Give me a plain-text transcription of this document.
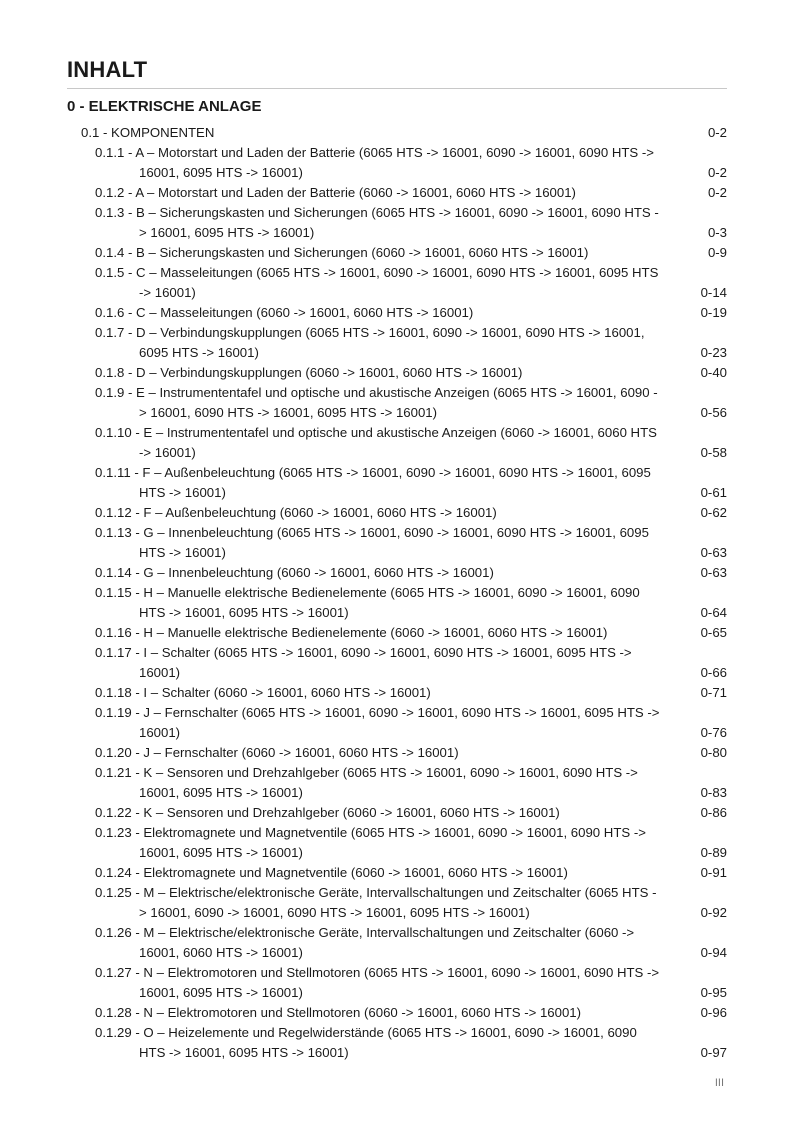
INHALT
0 - ELEKTRISCHE ANLAGE
0.1 - KOMPONENTEN	0-2
0.1.1 - A – Motorstart und Laden der Batterie (6065 HTS -> 16001, 6090 -> 16001, 6090 HTS -> 16001, 6095 HTS -> 16001)	0-2
0.1.2 - A – Motorstart und Laden der Batterie (6060 -> 16001, 6060 HTS -> 16001)	0-2
0.1.3 - B – Sicherungskasten und Sicherungen (6065 HTS -> 16001, 6090 -> 16001, 6090 HTS -> 16001, 6095 HTS -> 16001)	0-3
0.1.4 - B – Sicherungskasten und Sicherungen (6060 -> 16001, 6060 HTS -> 16001)	0-9
0.1.5 - C – Masseleitungen (6065 HTS -> 16001, 6090 -> 16001, 6090 HTS -> 16001, 6095 HTS -> 16001)	0-14
0.1.6 - C – Masseleitungen (6060 -> 16001, 6060 HTS -> 16001)	0-19
0.1.7 - D – Verbindungskupplungen (6065 HTS -> 16001, 6090 -> 16001, 6090 HTS -> 16001, 6095 HTS -> 16001)	0-23
0.1.8 - D – Verbindungskupplungen (6060 -> 16001, 6060 HTS -> 16001)	0-40
0.1.9 - E – Instrumententafel und optische und akustische Anzeigen (6065 HTS -> 16001, 6090 -> 16001, 6090 HTS -> 16001, 6095 HTS -> 16001)	0-56
0.1.10 - E – Instrumententafel und optische und akustische Anzeigen (6060 -> 16001, 6060 HTS -> 16001)	0-58
0.1.11 - F – Außenbeleuchtung (6065 HTS -> 16001, 6090 -> 16001, 6090 HTS -> 16001, 6095 HTS -> 16001)	0-61
0.1.12 - F – Außenbeleuchtung (6060 -> 16001, 6060 HTS -> 16001)	0-62
0.1.13 - G – Innenbeleuchtung (6065 HTS -> 16001, 6090 -> 16001, 6090 HTS -> 16001, 6095 HTS -> 16001)	0-63
0.1.14 - G – Innenbeleuchtung (6060 -> 16001, 6060 HTS -> 16001)	0-63
0.1.15 - H – Manuelle elektrische Bedienelemente (6065 HTS -> 16001, 6090 -> 16001, 6090 HTS -> 16001, 6095 HTS -> 16001)	0-64
0.1.16 - H – Manuelle elektrische Bedienelemente (6060 -> 16001, 6060 HTS -> 16001)	0-65
0.1.17 - I – Schalter (6065 HTS -> 16001, 6090 -> 16001, 6090 HTS -> 16001, 6095 HTS -> 16001)	0-66
0.1.18 - I – Schalter (6060 -> 16001, 6060 HTS -> 16001)	0-71
0.1.19 - J – Fernschalter (6065 HTS -> 16001, 6090 -> 16001, 6090 HTS -> 16001, 6095 HTS -> 16001)	0-76
0.1.20 - J – Fernschalter (6060 -> 16001, 6060 HTS -> 16001)	0-80
0.1.21 - K – Sensoren und Drehzahlgeber (6065 HTS -> 16001, 6090 -> 16001, 6090 HTS -> 16001, 6095 HTS -> 16001)	0-83
0.1.22 - K – Sensoren und Drehzahlgeber (6060 -> 16001, 6060 HTS -> 16001)	0-86
0.1.23 - Elektromagnete und Magnetventile (6065 HTS -> 16001, 6090 -> 16001, 6090 HTS -> 16001, 6095 HTS -> 16001)	0-89
0.1.24 - Elektromagnete und Magnetventile (6060 -> 16001, 6060 HTS -> 16001)	0-91
0.1.25 - M – Elektrische/elektronische Geräte, Intervallschaltungen und Zeitschalter (6065 HTS -> 16001, 6090 -> 16001, 6090 HTS -> 16001, 6095 HTS -> 16001)	0-92
0.1.26 - M – Elektrische/elektronische Geräte, Intervallschaltungen und Zeitschalter (6060 -> 16001, 6060 HTS -> 16001)	0-94
0.1.27 - N – Elektromotoren und Stellmotoren (6065 HTS -> 16001, 6090 -> 16001, 6090 HTS -> 16001, 6095 HTS -> 16001)	0-95
0.1.28 - N – Elektromotoren und Stellmotoren (6060 -> 16001, 6060 HTS -> 16001)	0-96
0.1.29 - O – Heizelemente und Regelwiderstände (6065 HTS -> 16001, 6090 -> 16001, 6090 HTS -> 16001, 6095 HTS -> 16001)	0-97
III
